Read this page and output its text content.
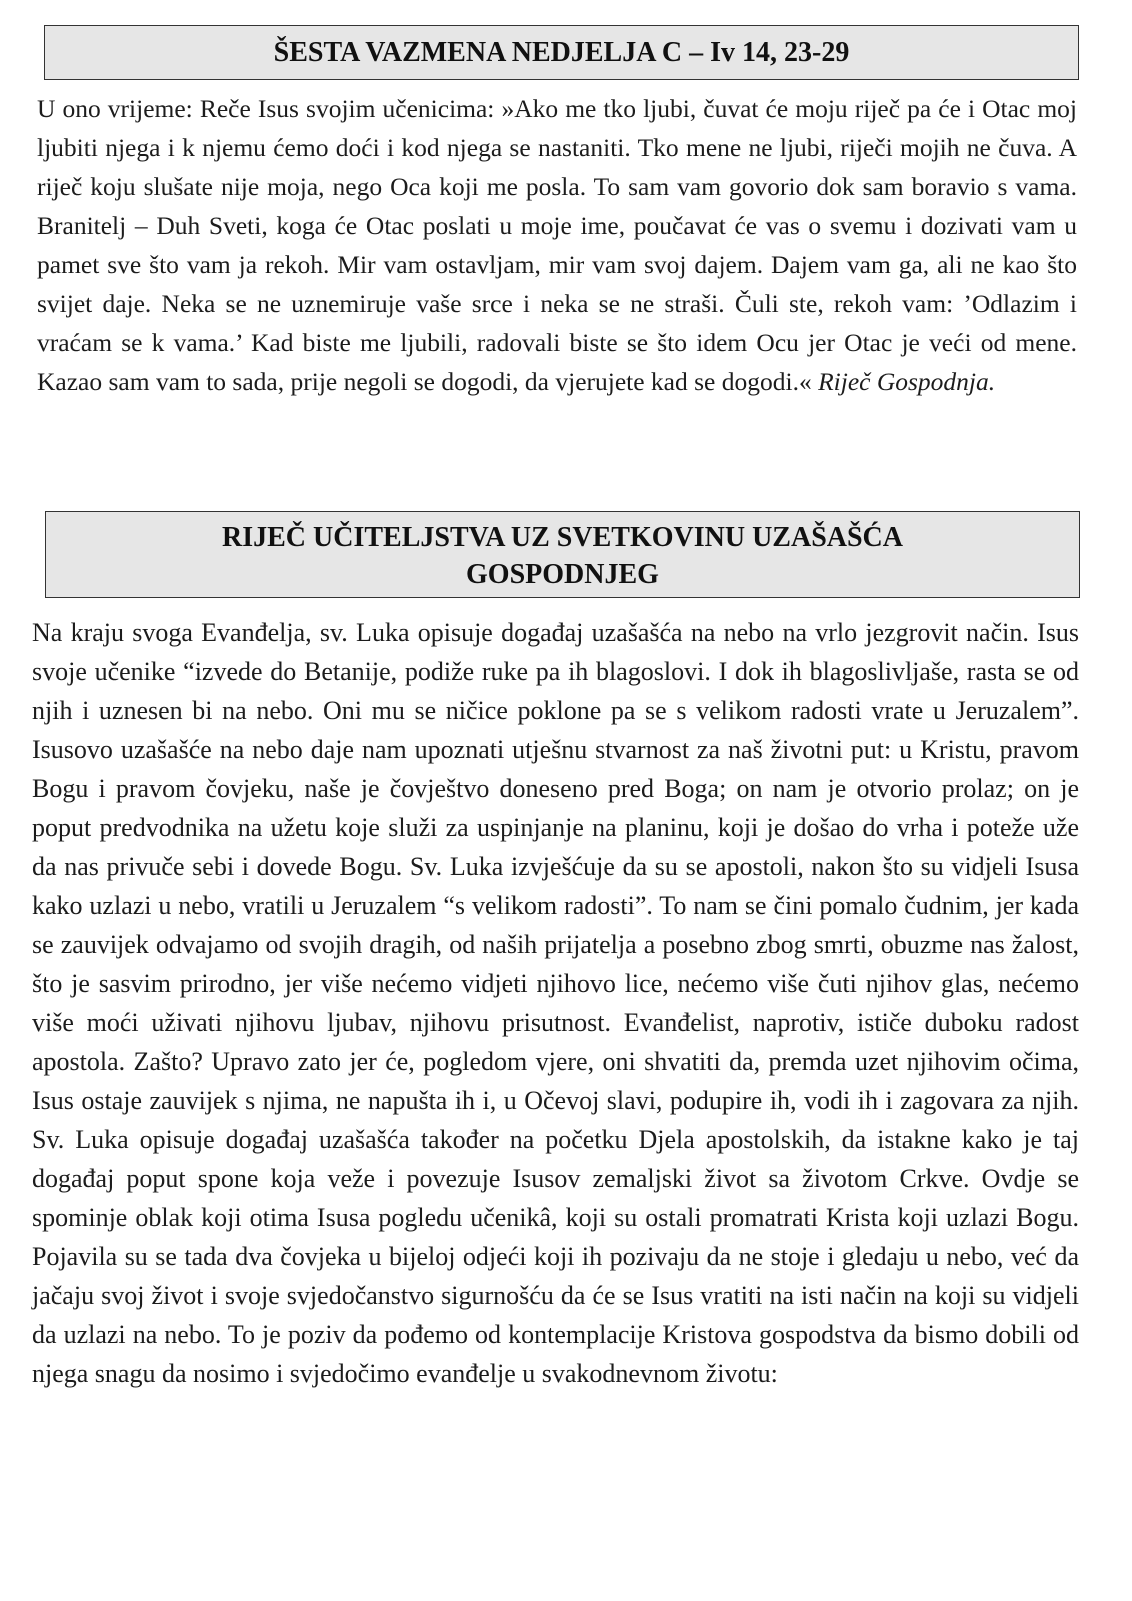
ŠESTA VAZMENA NEDJELJA C – Iv 14, 23-29

U ono vrijeme: Reče Isus svojim učenicima: »Ako me tko ljubi, čuvat će moju riječ pa će i Otac moj ljubiti njega i k njemu ćemo doći i kod njega se nastaniti. Tko mene ne ljubi, riječi mojih ne čuva. A riječ koju slušate nije moja, nego Oca koji me posla. To sam vam govorio dok sam boravio s vama. Branitelj – Duh Sveti, koga će Otac poslati u moje ime, poučavat će vas o svemu i dozivati vam u pamet sve što vam ja rekoh. Mir vam ostavljam, mir vam svoj dajem. Dajem vam ga, ali ne kao što svijet daje. Neka se ne uznemiruje vaše srce i neka se ne straši. Čuli ste, rekoh vam: ’Odlazim i vraćam se k vama.’ Kad biste me ljubili, radovali biste se što idem Ocu jer Otac je veći od mene. Kazao sam vam to sada, prije negoli se dogodi, da vjerujete kad se dogodi.« Riječ Gospodnja.

RIJEČ UČITELJSTVA UZ SVETKOVINU UZAŠAŠĆA
GOSPODNJEG

Na kraju svoga Evanđelja, sv. Luka opisuje događaj uzašašća na nebo na vrlo jezgrovit način. Isus svoje učenike “izvede do Betanije, podiže ruke pa ih blagoslovi. I dok ih blagoslivljaše, rasta se od njih i uznesen bi na nebo. Oni mu se ničice poklone pa se s velikom radosti vrate u Jeruzalem”. Isusovo uzašašće na nebo daje nam upoznati utješnu stvarnost za naš životni put: u Kristu, pravom Bogu i pravom čovjeku, naše je čovještvo doneseno pred Boga; on nam je otvorio prolaz; on je poput predvodnika na užetu koje služi za uspinjanje na planinu, koji je došao do vrha i poteže uže da nas privuče sebi i dovede Bogu. Sv. Luka izvješćuje da su se apostoli, nakon što su vidjeli Isusa kako uzlazi u nebo, vratili u Jeruzalem “s velikom radosti”. To nam se čini pomalo čudnim, jer kada se zauvijek odvajamo od svojih dragih, od naših prijatelja a posebno zbog smrti, obuzme nas žalost, što je sasvim prirodno, jer više nećemo vidjeti njihovo lice, nećemo više čuti njihov glas, nećemo više moći uživati njihovu ljubav, njihovu prisutnost. Evanđelist, naprotiv, ističe duboku radost apostola. Zašto? Upravo zato jer će, pogledom vjere, oni shvatiti da, premda uzet njihovim očima, Isus ostaje zauvijek s njima, ne napušta ih i, u Očevoj slavi, podupire ih, vodi ih i zagovara za njih. Sv. Luka opisuje događaj uzašašća također na početku Djela apostolskih, da istakne kako je taj događaj poput spone koja veže i povezuje Isusov zemaljski život sa životom Crkve. Ovdje se spominje oblak koji otima Isusa pogledu učenikâ, koji su ostali promatrati Krista koji uzlazi Bogu. Pojavila su se tada dva čovjeka u bijeloj odjeći koji ih pozivaju da ne stoje i gledaju u nebo, već da jačaju svoj život i svoje svjedočanstvo sigurnošću da će se Isus vratiti na isti način na koji su vidjeli da uzlazi na nebo. To je poziv da pođemo od kontemplacije Kristova gospodstva da bismo dobili od njega snagu da nosimo i svjedočimo evanđelje u svakodnevnom životu:
